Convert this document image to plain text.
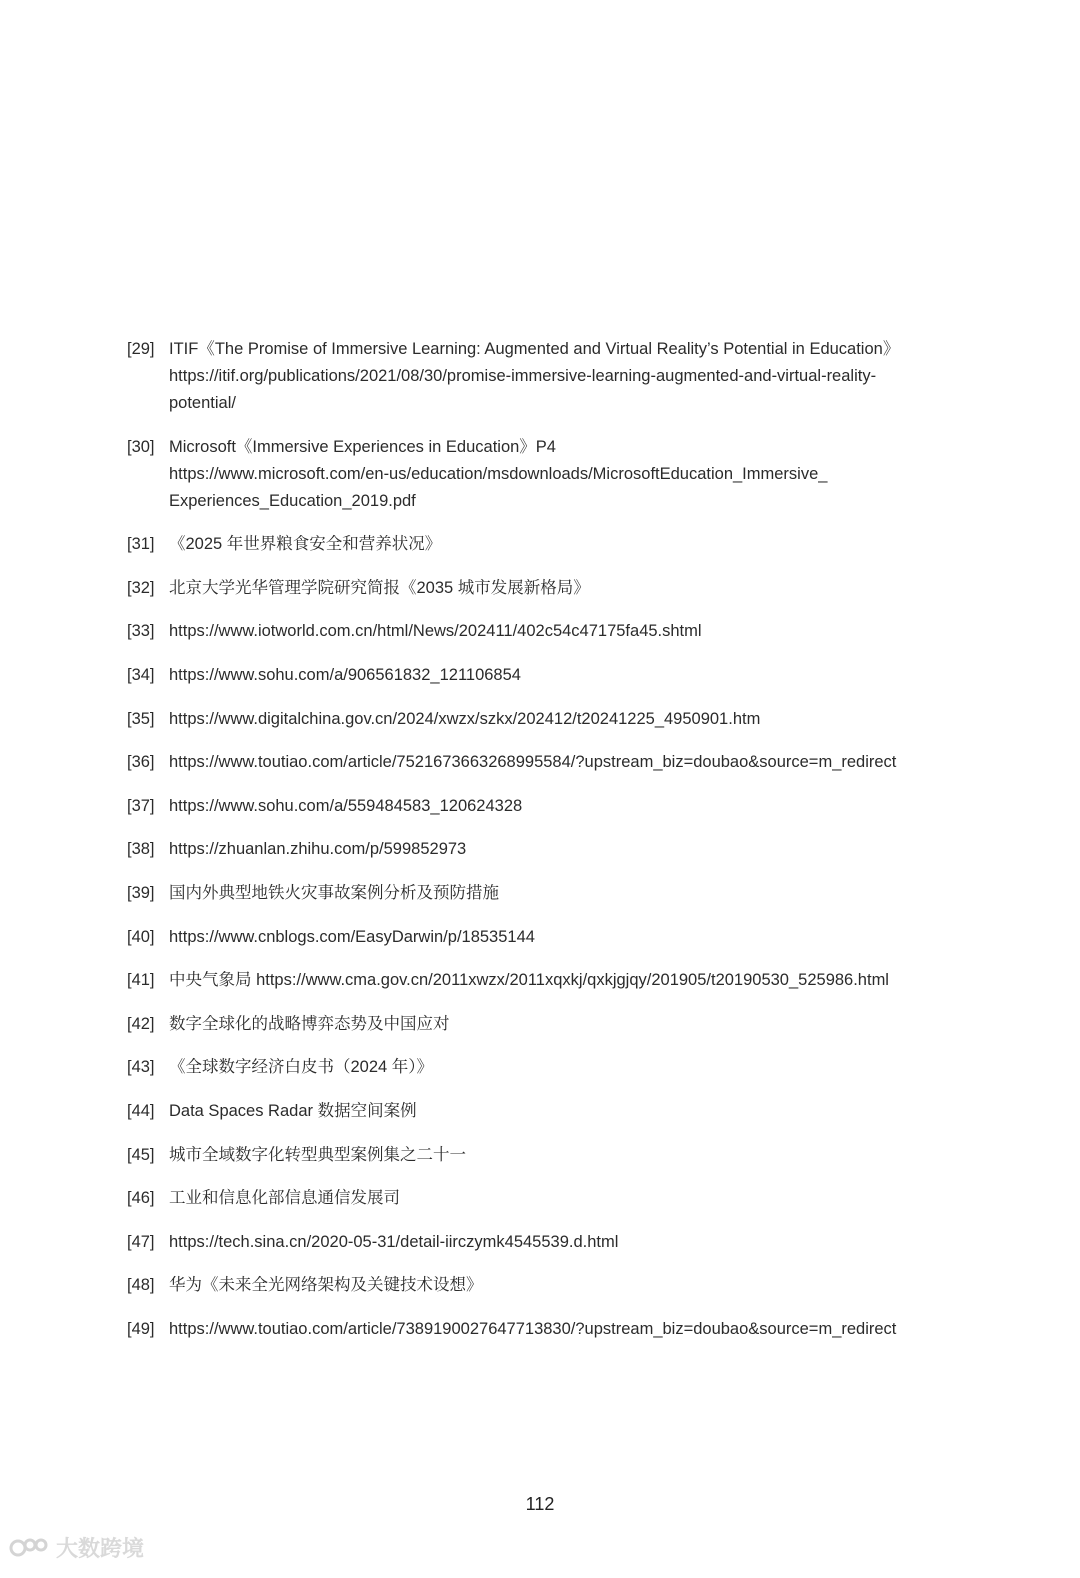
[29] ITIF《The Promise of Immersive Learning: Augmented and Virtual Reality’s Potential in Education》
https://itif.org/publications/2021/08/30/promise-immersive-learning-augmented-and-virtual-reality-
potential/
[30] Microsoft《Immersive Experiences in Education》P4
https://www.microsoft.com/en-us/education/msdownloads/MicrosoftEducation_Immersive_
Experiences_Education_2019.pdf
[31] 《2025 年世界粮食安全和营养状况》
[32] 北京大学光华管理学院研究简报《2035 城市发展新格局》
[33] https://www.iotworld.com.cn/html/News/202411/402c54c47175fa45.shtml
[34] https://www.sohu.com/a/906561832_121106854
[35] https://www.digitalchina.gov.cn/2024/xwzx/szkx/202412/t20241225_4950901.htm
[36] https://www.toutiao.com/article/7521673663268995584/?upstream_biz=doubao&source=m_redirect
[37] https://www.sohu.com/a/559484583_120624328
[38] https://zhuanlan.zhihu.com/p/599852973
[39] 国内外典型地铁火灾事故案例分析及预防措施
[40] https://www.cnblogs.com/EasyDarwin/p/18535144
[41] 中央气象局 https://www.cma.gov.cn/2011xwzx/2011xqxkj/qxkjgjqy/201905/t20190530_525986.html
[42] 数字全球化的战略博弈态势及中国应对
[43] 《全球数字经济白皮书（2024 年）》
[44] Data Spaces Radar 数据空间案例
[45] 城市全域数字化转型典型案例集之二十一
[46] 工业和信息化部信息通信发展司
[47] https://tech.sina.cn/2020-05-31/detail-iirczymk4545539.d.html
[48] 华为《未来全光网络架构及关键技术设想》
[49] https://www.toutiao.com/article/7389190027647713830/?upstream_biz=doubao&source=m_redirect
112
大数跨境
